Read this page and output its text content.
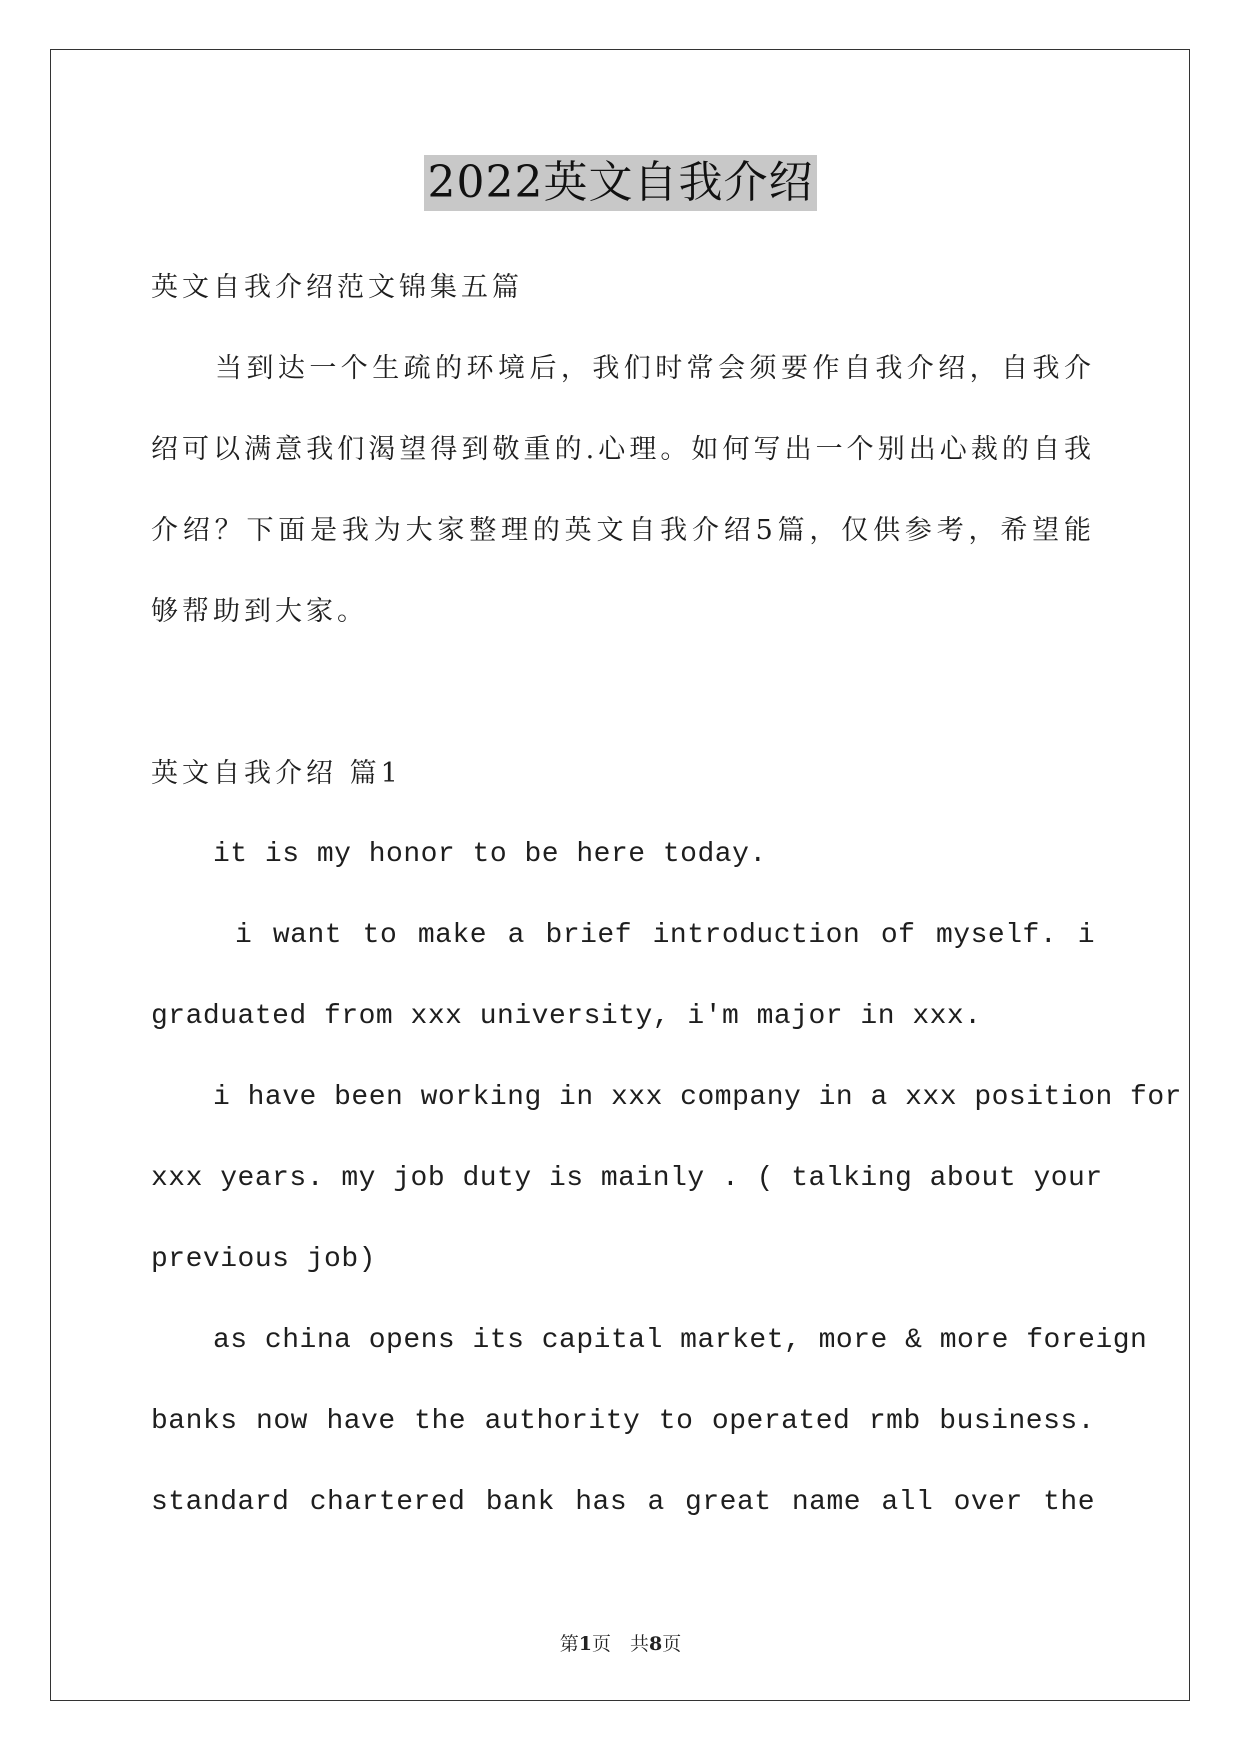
2022英文自我介绍
英文自我介绍范文锦集五篇
当到达一个生疏的环境后，我们时常会须要作自我介绍，自我介
绍可以满意我们渴望得到敬重的.心理。如何写出一个别出心裁的自我
介绍？下面是我为大家整理的英文自我介绍5篇，仅供参考，希望能
够帮助到大家。
英文自我介绍 篇1
it is my honor to be here today.
i want to make a brief introduction of myself. i
graduated from xxx university, i'm major in xxx.
i have been working in xxx company in a xxx position for
xxx years. my job duty is mainly . ( talking about your
previous job)
as china opens its capital market, more & more foreign
banks now have the authority to operated rmb business.
standard chartered bank has a great name all over the
第1页　共8页
